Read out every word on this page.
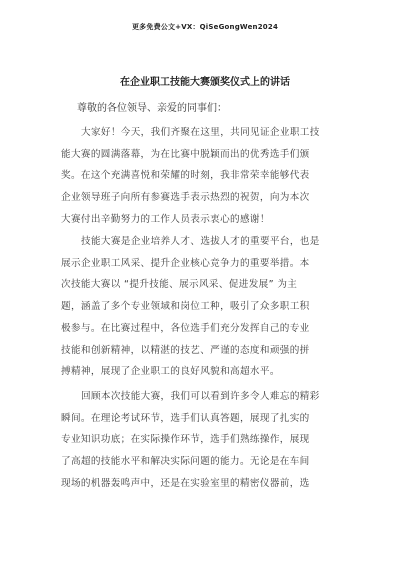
更多免费公文+VX：QiSeGongWen2024
在企业职工技能大赛颁奖仪式上的讲话
尊敬的各位领导、亲爱的同事们：
大家好！今天，我们齐聚在这里，共同见证企业职工技
能大赛的圆满落幕，为在比赛中脱颖而出的优秀选手们颁
奖。在这个充满喜悦和荣耀的时刻，我非常荣幸能够代表
企业领导班子向所有参赛选手表示热烈的祝贺，向为本次
大赛付出辛勤努力的工作人员表示衷心的感谢！
技能大赛是企业培养人才、选拔人才的重要平台，也是
展示企业职工风采、提升企业核心竞争力的重要举措。本
次技能大赛以 “提升技能、展示风采、促进发展” 为主
题，涵盖了多个专业领域和岗位工种，吸引了众多职工积
极参与。在比赛过程中，各位选手们充分发挥自己的专业
技能和创新精神，以精湛的技艺、严谨的态度和顽强的拼
搏精神，展现了企业职工的良好风貌和高超水平。
回顾本次技能大赛，我们可以看到许多令人难忘的精彩
瞬间。在理论考试环节，选手们认真答题，展现了扎实的
专业知识功底；在实际操作环节，选手们熟练操作，展现
了高超的技能水平和解决实际问题的能力。无论是在车间
现场的机器轰鸣声中，还是在实验室里的精密仪器前，选
